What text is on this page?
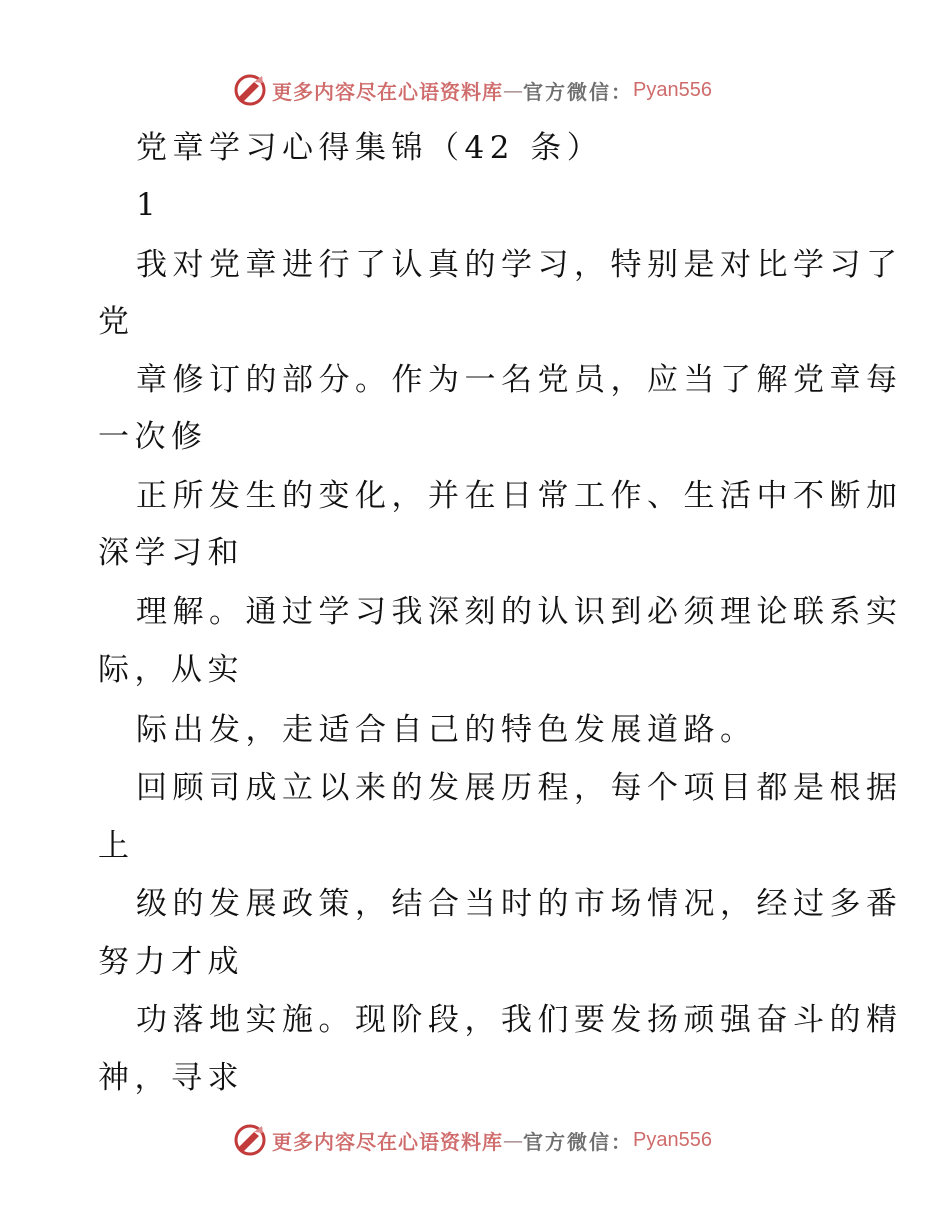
更多内容尽在心语资料库 — 官方微信： Pyan556
党章学习心得集锦（42 条）
1
我对党章进行了认真的学习，特别是对比学习了
党
章修订的部分。作为一名党员，应当了解党章每
一次修
正所发生的变化，并在日常工作、生活中不断加
深学习和
理解。通过学习我深刻的认识到必须理论联系实
际，从实
际出发，走适合自己的特色发展道路。
回顾司成立以来的发展历程，每个项目都是根据
上
级的发展政策，结合当时的市场情况，经过多番
努力才成
功落地实施。现阶段，我们要发扬顽强奋斗的精
神，寻求
更多内容尽在心语资料库 — 官方微信： Pyan556
